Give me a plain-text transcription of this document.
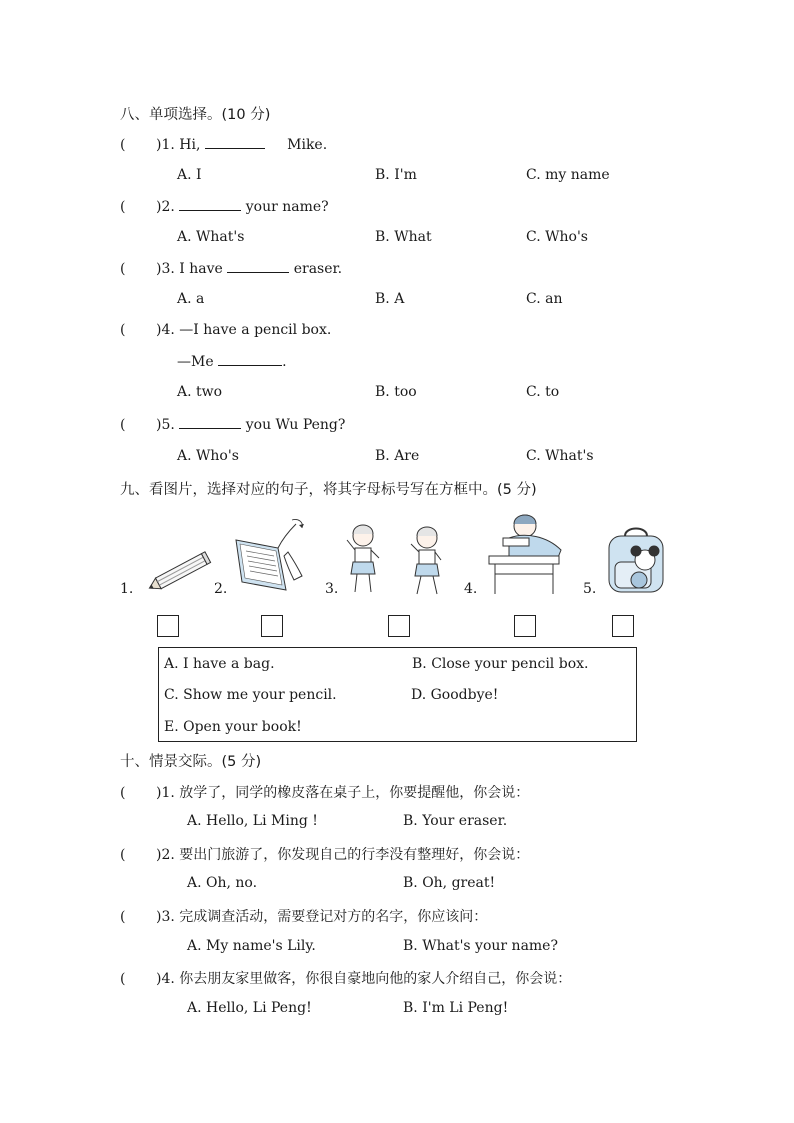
八、单项选择。(10 分)
( )1. Hi,	Mike.
A. I	B. I'm	C. my name
( )2.	your name?
A. What's	B. What	C. Who's
( )3. I have	eraser.
A. a	B. A	C. an
( )4. —I have a pencil box.
—Me	.
A. two	B. too	C. to
( )5.	you Wu Peng?
A. Who's	B. Are	C. What's
九、看图片，选择对应的句子，将其字母标号写在方框中。(5 分)
1.	2.	3.	4.	5.
A. I have a bag.	B. Close your pencil box.
C. Show me your pencil.	D. Goodbye!
E. Open your book!
十、情景交际。(5 分)
( )1. 放学了，同学的橡皮落在桌子上，你要提醒他，你会说：
A. Hello, Li Ming !	B. Your eraser.
( )2. 要出门旅游了，你发现自己的行李没有整理好，你会说：
A. Oh, no.	B. Oh, great!
( )3. 完成调查活动，需要登记对方的名字，你应该问：
A. My name's Lily.	B. What's your name?
( )4. 你去朋友家里做客，你很自豪地向他的家人介绍自己，你会说：
A. Hello, Li Peng!	B. I'm Li Peng!
